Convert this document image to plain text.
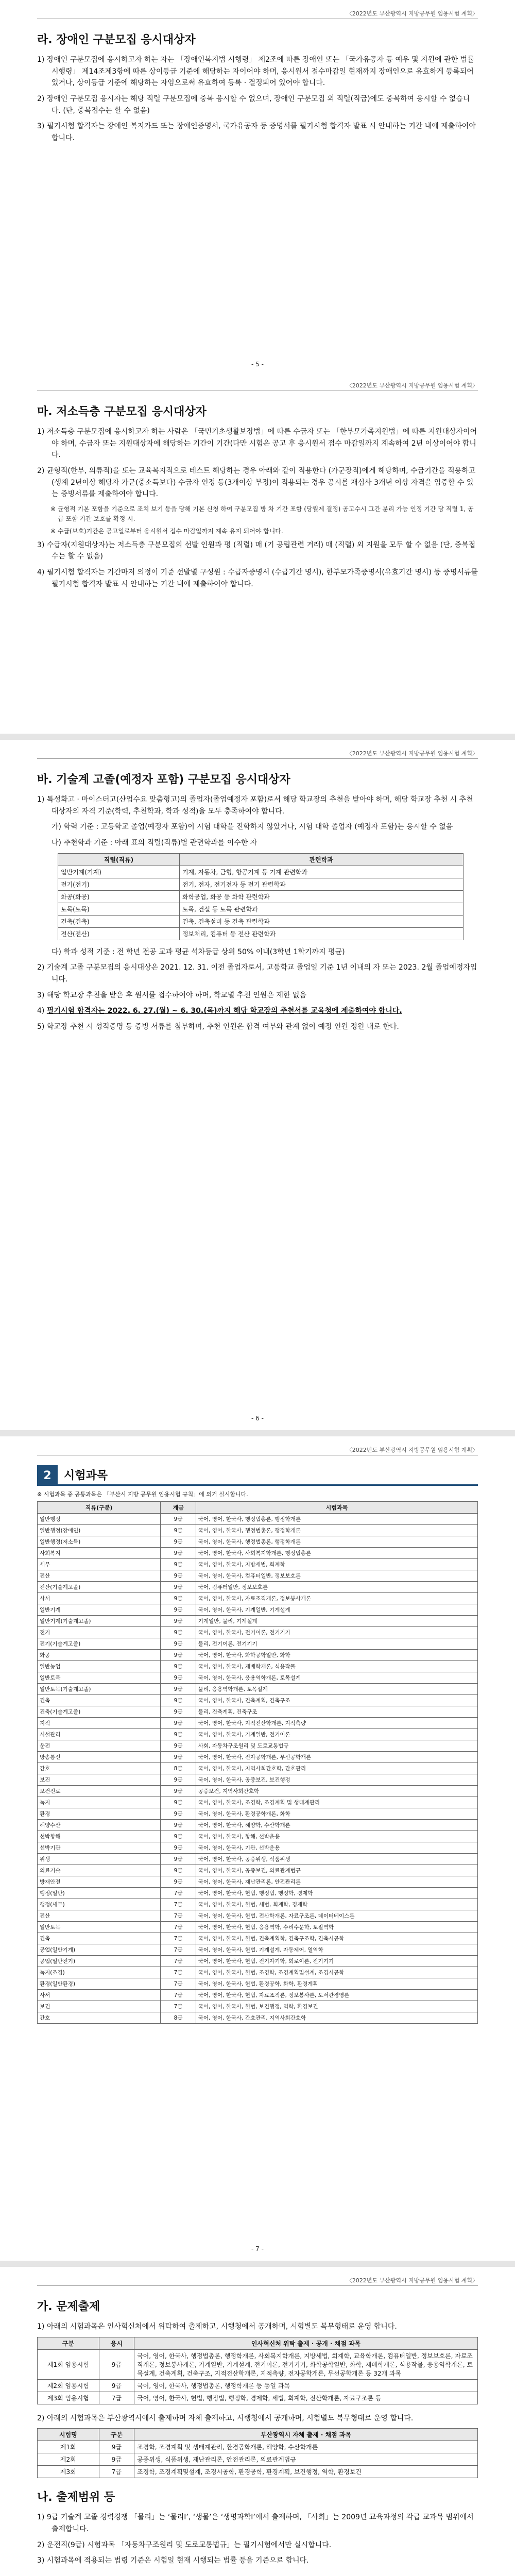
〈2022년도 부산광역시 지방공무원 임용시험 계획〉
라. 장애인 구분모집 응시대상자
1) 장애인 구분모집에 응시하고자 하는 자는 「장애인복지법 시행령」 제2조에 따른 장애인 또는 「국가유공자 등 예우 및 지원에 관한 법률 시행령」 제14조제3항에 따른 상이등급 기준에 해당하는 자이어야 하며, 응시원서 접수마감일 현재까지 장애인으로 유효하게 등록되어 있거나, 상이등급 기준에 해당하는 자임으로써 유효하여 등록 · 결정되어 있어야 합니다.
2) 장애인 구분모집 응시자는 해당 직렬 구분모집에 중복 응시할 수 없으며, 장애인 구분모집 외 직렬(직급)에도 중복하여 응시할 수 없습니다. (단, 중복접수는 할 수 없음)
3) 필기시험 합격자는 장애인 복지카드 또는 장애인증명서, 국가유공자 등 증명서를 필기시험 합격자 발표 시 안내하는 기간 내에 제출하여야 합니다.
- 5 -
〈2022년도 부산광역시 지방공무원 임용시험 계획〉
마. 저소득층 구분모집 응시대상자
1) 저소득층 구분모집에 응시하고자 하는 사람은 「국민기초생활보장법」에 따른 수급자 또는 「한부모가족지원법」에 따른 지원대상자이어야 하며, 수급자 또는 지원대상자에 해당하는 기간이 기간(다만 시험은 공고 후 응시원서 접수 마감일까지 계속하여 2년 이상이어야 합니다.
2) 균형적(한부, 의류적)을 또는 교육복지적으로 테스트 해당하는 경우 아래와 같이 적용한다 (가군장적)에게 해당하며, 수급기간을 적용하고 (생계 2년이상 해당자 가군(중소득보다) 수급자 인정 등(3개이상 부정)이 적용되는 경우 공시를 재심사 3개년 이상 자격을 입증할 수 있는 증빙서류를 제출하여야 합니다.
※ 균형적 기본 포함을 기준으로 조치 보기 등을 당해 기본 신청 하여 구분모집 방 차 기간 포함 (당월제 결정) 공고수시 그간 분리 가능 인정 기간 당 직렬 1, 공급 포함 기간 보호를 확정 시.
※ 수급(보호)기간은 공고일로부터 응시원서 접수 마감일까지 계속 유지 되어야 합니다.
3) 수급자(지원대상자)는 저소득층 구분모집의 선발 인원과 평 (직렬) 매 (기 공립관련 거래) 매 (직렬) 외 지원을 모두 할 수 없음 (단, 중복접수는 할 수 없음)
4) 필기시험 합격자는 기간마저 의정이 기준 선발별 구성원 : 수급자증명서 (수급기간 명시), 한부모가족증명서(유효기간 명시) 등 증명서류를 필기시험 합격자 발표 시 안내하는 기간 내에 제출하여야 합니다.
〈2022년도 부산광역시 지방공무원 임용시험 계획〉
바. 기술계 고졸(예정자 포함) 구분모집 응시대상자
1) 특성화고 · 마이스터고(산업수요 맞춤형고)의 졸업자(졸업예정자 포함)로서 해당 학교장의 추천을 받아야 하며, 해당 학교장 추천 시 추천대상자의 자격 기준(학력, 추천학과, 학과 성적)을 모두 충족하여야 합니다.
가) 학력 기준 : 고등학교 졸업(예정자 포함)이 시험 대학을 진학하지 않았거나, 시험 대학 졸업자 (예정자 포함)는 응시할 수 없음
나) 추천학과 기준 : 아래 표의 직렬(직류)별 관련학과를 이수한 자
직렬(직류)	관련학과
일반기계(기계)	기계, 자동차, 금형, 항공기계 등 기계 관련학과
전기(전기)	전기, 전자, 전기전자 등 전기 관련학과
화공(화공)	화학공업, 화공 등 화학 관련학과
토목(토목)	토목, 건설 등 토목 관련학과
건축(건축)	건축, 건축설비 등 건축 관련학과
전산(전산)	정보처리, 컴퓨터 등 전산 관련학과
다) 학과 성적 기준 : 전 학년 전공 교과 평균 석차등급 상위 50% 이내(3학년 1학기까지 평균)
2) 기술계 고졸 구분모집의 응시대상은 2021. 12. 31. 이전 졸업자로서, 고등학교 졸업일 기준 1년 이내의 자 또는 2023. 2월 졸업예정자입니다.
3) 해당 학교장 추천을 받은 후 원서를 접수하여야 하며, 학교별 추천 인원은 제한 없음
4) 필기시험 합격자는 2022. 6. 27.(월) ~ 6. 30.(목)까지 해당 학교장의 추천서를 교육청에 제출하여야 합니다.
5) 학교장 추천 시 성적증명 등 증빙 서류를 첨부하며, 추천 인원은 합격 여부와 관계 없이 예정 인원 정원 내로 한다.
- 6 -
〈2022년도 부산광역시 지방공무원 임용시험 계획〉
2	시험과목
※ 시험과목 중 공통과목은 「부산시 지방 공무원 임용시험 규칙」에 의거 실시합니다.
직류(구분)	계급	시험과목
일반행정	9급	국어, 영어, 한국사, 행정법총론, 행정학개론
일반행정(장애인)	9급	국어, 영어, 한국사, 행정법총론, 행정학개론
일반행정(저소득)	9급	국어, 영어, 한국사, 행정법총론, 행정학개론
사회복지	9급	국어, 영어, 한국사, 사회복지학개론, 행정법총론
세무	9급	국어, 영어, 한국사, 지방세법, 회계학
전산	9급	국어, 영어, 한국사, 컴퓨터일반, 정보보호론
전산(기술계고졸)	9급	국어, 컴퓨터일반, 정보보호론
사서	9급	국어, 영어, 한국사, 자료조직개론, 정보봉사개론
일반기계	9급	국어, 영어, 한국사, 기계일반, 기계설계
일반기계(기술계고졸)	9급	기계일반, 물리, 기계설계
전기	9급	국어, 영어, 한국사, 전기이론, 전기기기
전기(기술계고졸)	9급	물리, 전기이론, 전기기기
화공	9급	국어, 영어, 한국사, 화학공학일반, 화학
일반농업	9급	국어, 영어, 한국사, 재배학개론, 식용작물
일반토목	9급	국어, 영어, 한국사, 응용역학개론, 토목설계
일반토목(기술계고졸)	9급	물리, 응용역학개론, 토목설계
건축	9급	국어, 영어, 한국사, 건축계획, 건축구조
건축(기술계고졸)	9급	물리, 건축계획, 건축구조
지적	9급	국어, 영어, 한국사, 지적전산학개론, 지적측량
시설관리	9급	국어, 영어, 한국사, 기계일반, 전기이론
운전	9급	사회, 자동차구조원리 및 도로교통법규
방송통신	9급	국어, 영어, 한국사, 전자공학개론, 무선공학개론
간호	8급	국어, 영어, 한국사, 지역사회간호학, 간호관리
보건	9급	국어, 영어, 한국사, 공중보건, 보건행정
보건진료	9급	공중보건, 지역사회간호학
녹지	9급	국어, 영어, 한국사, 조경학, 조경계획 및 생태계관리
환경	9급	국어, 영어, 한국사, 환경공학개론, 화학
해양수산	9급	국어, 영어, 한국사, 해양학, 수산학개론
선박항해	9급	국어, 영어, 한국사, 항해, 선박운용
선박기관	9급	국어, 영어, 한국사, 기관, 선박운용
위생	9급	국어, 영어, 한국사, 공중위생, 식품위생
의료기술	9급	국어, 영어, 한국사, 공중보건, 의료관계법규
방재안전	9급	국어, 영어, 한국사, 재난관리론, 안전관리론
행정(일반)	7급	국어, 영어, 한국사, 헌법, 행정법, 행정학, 경제학
행정(세무)	7급	국어, 영어, 한국사, 헌법, 세법, 회계학, 경제학
전산	7급	국어, 영어, 한국사, 헌법, 전산학개론, 자료구조론, 데이터베이스론
일반토목	7급	국어, 영어, 한국사, 헌법, 응용역학, 수리수문학, 토질역학
건축	7급	국어, 영어, 한국사, 헌법, 건축계획학, 건축구조학, 건축시공학
공업(일반기계)	7급	국어, 영어, 한국사, 헌법, 기계설계, 자동제어, 열역학
공업(일반전기)	7급	국어, 영어, 한국사, 헌법, 전기자기학, 회로이론, 전기기기
녹지(조경)	7급	국어, 영어, 한국사, 헌법, 조경학, 조경계획및설계, 조경시공학
환경(일반환경)	7급	국어, 영어, 한국사, 헌법, 환경공학, 화학, 환경계획
사서	7급	국어, 영어, 한국사, 헌법, 자료조직론, 정보봉사론, 도서관경영론
보건	7급	국어, 영어, 한국사, 헌법, 보건행정, 역학, 환경보건
간호	8급	국어, 영어, 한국사, 간호관리, 지역사회간호학
- 7 -
〈2022년도 부산광역시 지방공무원 임용시험 계획〉
가. 문제출제
1) 아래의 시험과목은 인사혁신처에서 위탁하여 출제하고, 시행청에서 공개하며, 시험별도 복무형태로 운영 합니다.
구분	응시	인사혁신처 위탁 출제 · 공개 · 채점 과목
제1회 임용시험	9급	국어, 영어, 한국사, 행정법총론, 행정학개론, 사회복지학개론, 지방세법, 회계학, 교육학개론, 컴퓨터일반, 정보보호론, 자료조직개론, 정보봉사개론, 기계일반, 기계설계, 전기이론, 전기기기, 화학공학일반, 화학, 재배학개론, 식용작물, 응용역학개론, 토목설계, 건축계획, 건축구조, 지적전산학개론, 지적측량, 전자공학개론, 무선공학개론 등 32개 과목
제2회 임용시험	9급	국어, 영어, 한국사, 행정법총론, 행정학개론 등 동일 과목
제3회 임용시험	7급	국어, 영어, 한국사, 헌법, 행정법, 행정학, 경제학, 세법, 회계학, 전산학개론, 자료구조론 등
2) 아래의 시험과목은 부산광역시에서 출제하며 자체 출제하고, 시행청에서 공개하며, 시험별도 복무형태로 운영 합니다.
시험명	구분	부산광역시 자체 출제 · 채점 과목
제1회	9급	조경학, 조경계획 및 생태계관리, 환경공학개론, 해양학, 수산학개론
제2회	9급	공중위생, 식품위생, 재난관리론, 안전관리론, 의료관계법규
제3회	7급	조경학, 조경계획및설계, 조경시공학, 환경공학, 환경계획, 보건행정, 역학, 환경보건
나. 출제범위 등
1) 9급 기술계 고졸 경력경쟁 「물리」는 ‘물리Ⅰ’, ‘생물’은 ‘생명과학Ⅰ’에서 출제하며, 「사회」는 2009년 교육과정의 각급 교과목 범위에서 출제합니다.
2) 운전직(9급) 시험과목 「자동차구조원리 및 도로교통법규」는 필기시험에서만 실시합니다.
3) 시험과목에 적용되는 법령 기준은 시험일 현재 시행되는 법률 등을 기준으로 합니다.
